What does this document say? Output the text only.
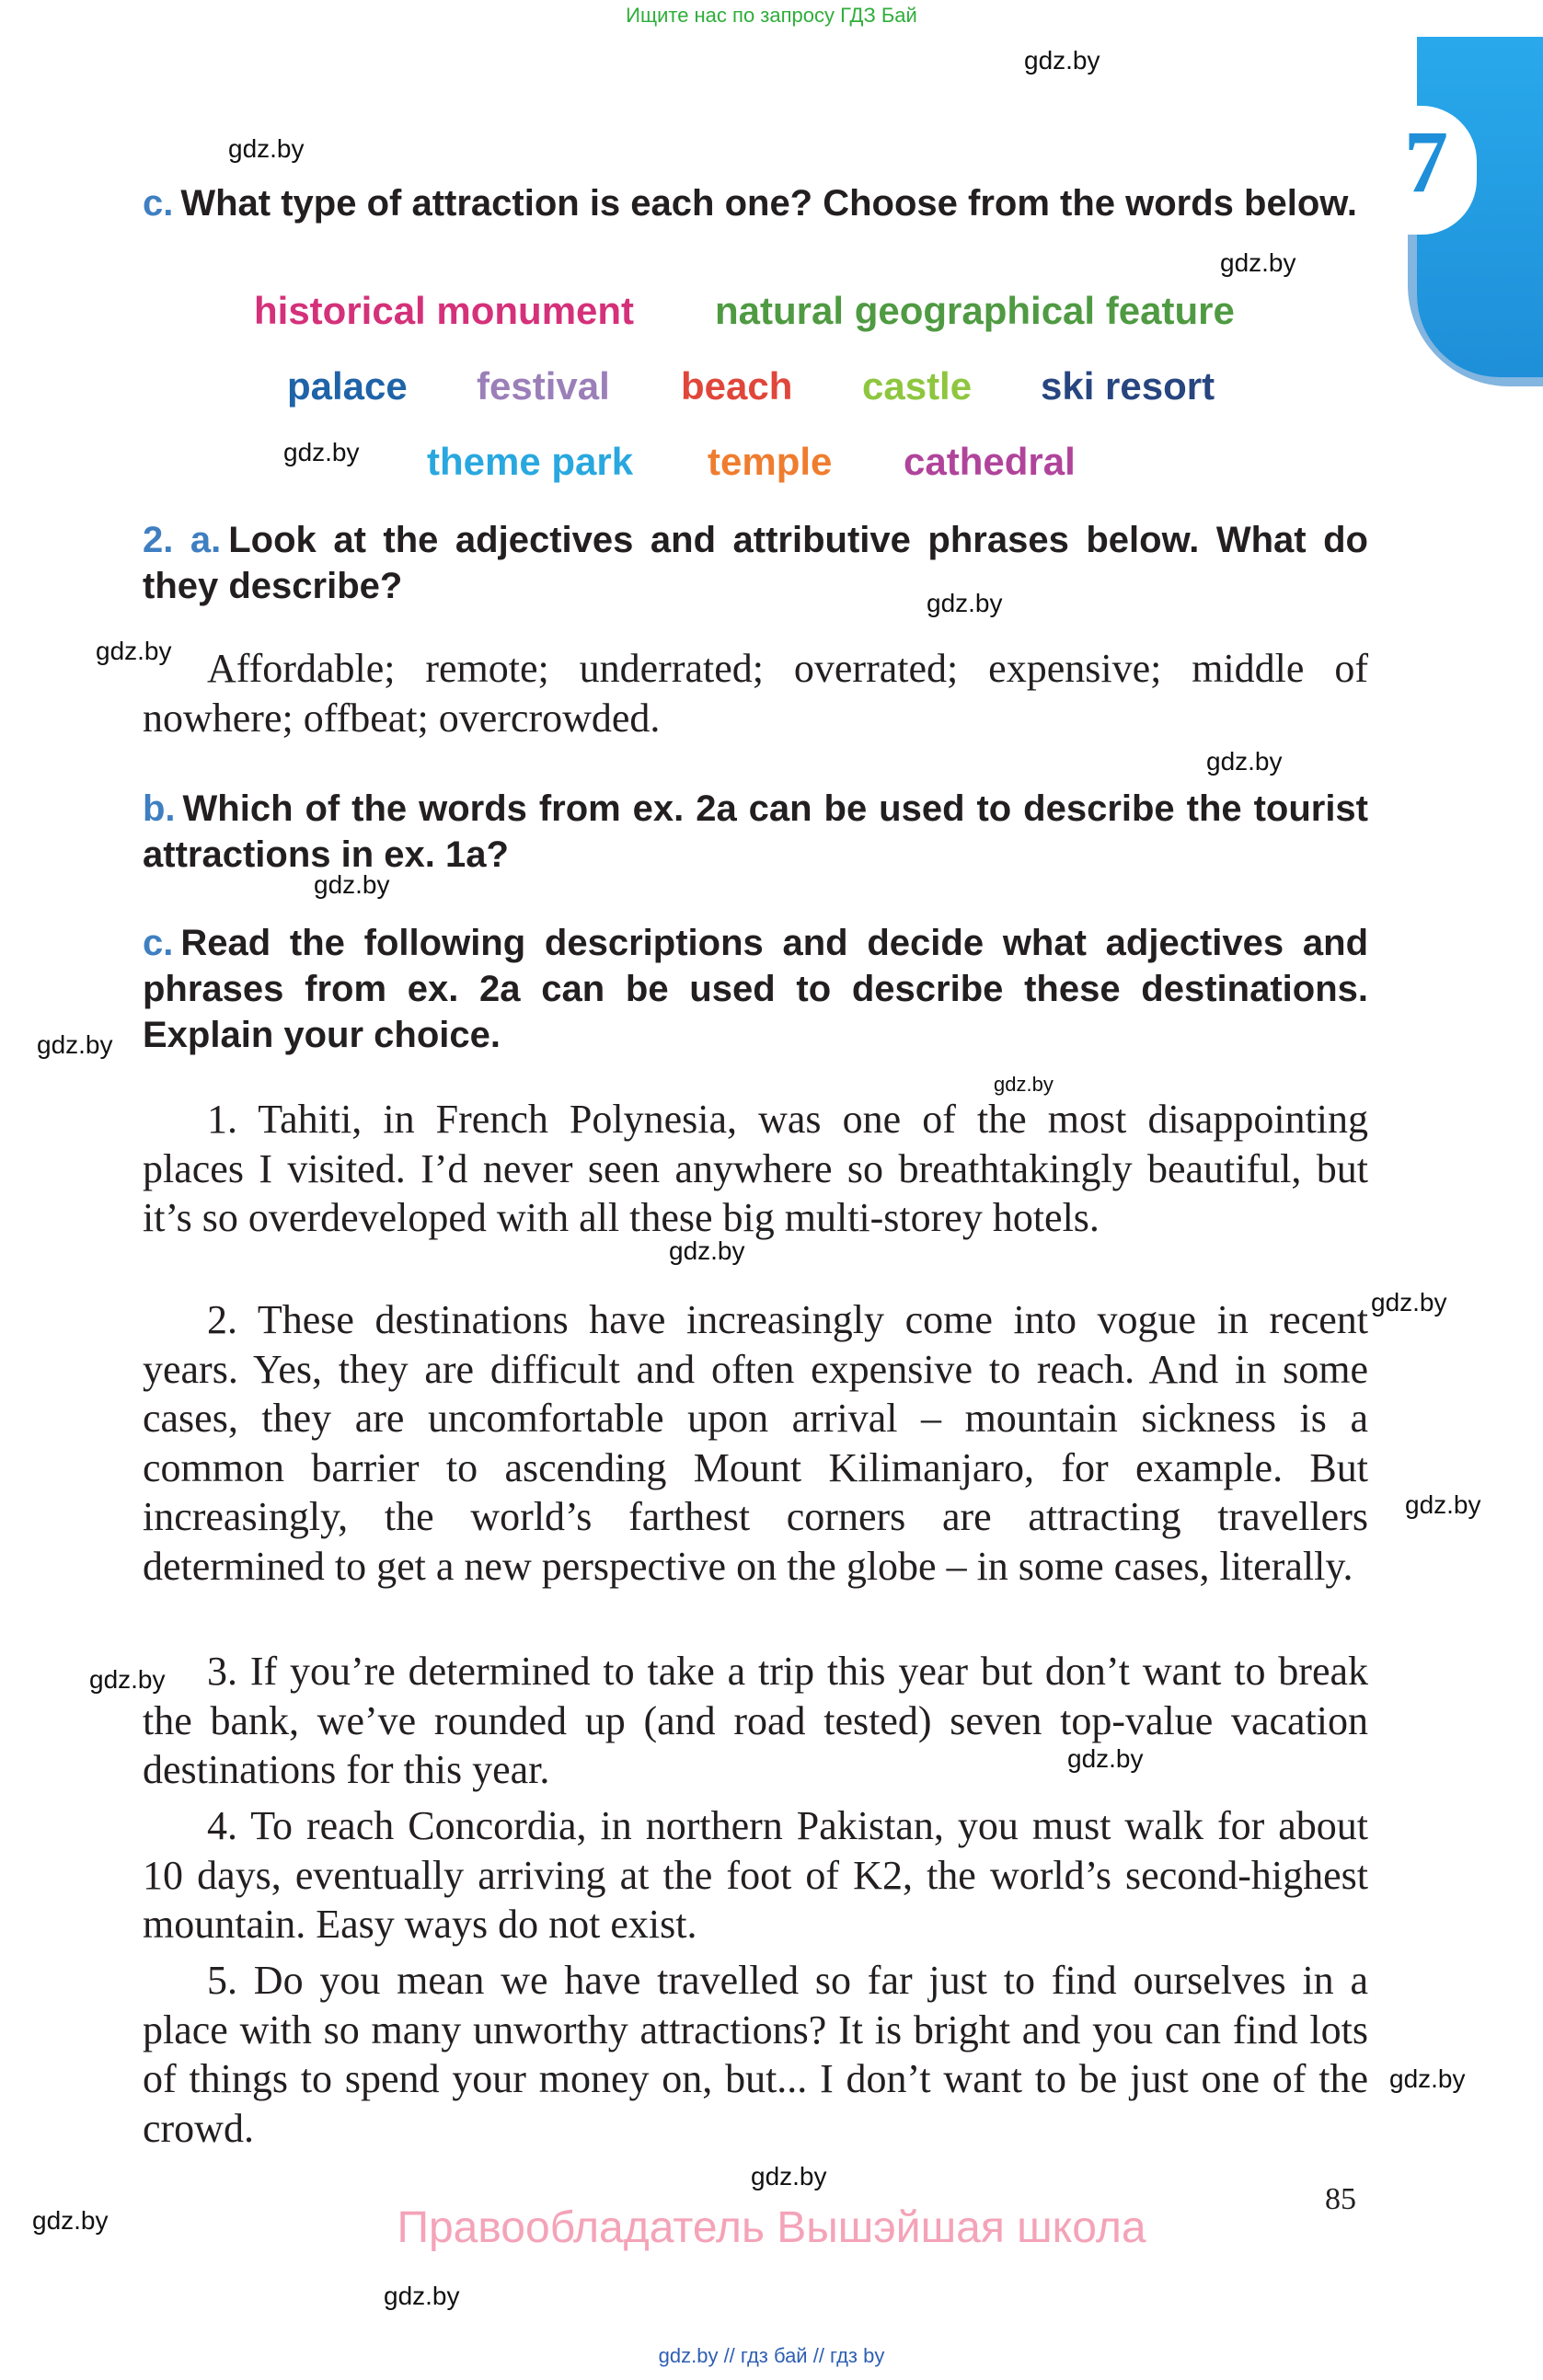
Ищите нас по запросу ГДЗ Бай
7
c. What type of attraction is each one? Choose from the words below.
historical monument natural geographical feature
palace festival beach castle ski resort
theme park temple cathedral
2. a. Look at the adjectives and attributive phrases below. What do they describe?
Affordable; remote; underrated; overrated; expensive; middle of nowhere; offbeat; overcrowded.
b. Which of the words from ex. 2a can be used to describe the tourist attractions in ex. 1a?
c. Read the following descriptions and decide what adjectives and phrases from ex. 2a can be used to describe these destinations. Explain your choice.
1. Tahiti, in French Polynesia, was one of the most disappointing places I visited. I’d never seen anywhere so breathtakingly beautiful, but it’s so overdeveloped with all these big multi-storey hotels.
2. These destinations have increasingly come into vogue in recent years. Yes, they are difficult and often expensive to reach. And in some cases, they are uncomfortable upon arrival – mountain sickness is a common barrier to ascending Mount Kilimanjaro, for example. But increasingly, the world’s farthest corners are attracting travellers determined to get a new perspective on the globe – in some cases, literally.
3. If you’re determined to take a trip this year but don’t want to break the bank, we’ve rounded up (and road tested) seven top-value vacation destinations for this year.
4. To reach Concordia, in northern Pakistan, you must walk for about 10 days, eventually arriving at the foot of K2, the world’s second-highest mountain. Easy ways do not exist.
5. Do you mean we have travelled so far just to find ourselves in a place with so many unworthy attractions? It is bright and you can find lots of things to spend your money on, but... I don’t want to be just one of the crowd.
gdz.by
gdz.by
gdz.by
gdz.by
gdz.by
gdz.by
gdz.by
gdz.by
gdz.by
gdz.by
gdz.by
gdz.by
gdz.by
gdz.by
gdz.by
gdz.by
gdz.by
gdz.by
gdz.by
85
Правообладатель Вышэйшая школа
gdz.by // гдз бай // гдз by
